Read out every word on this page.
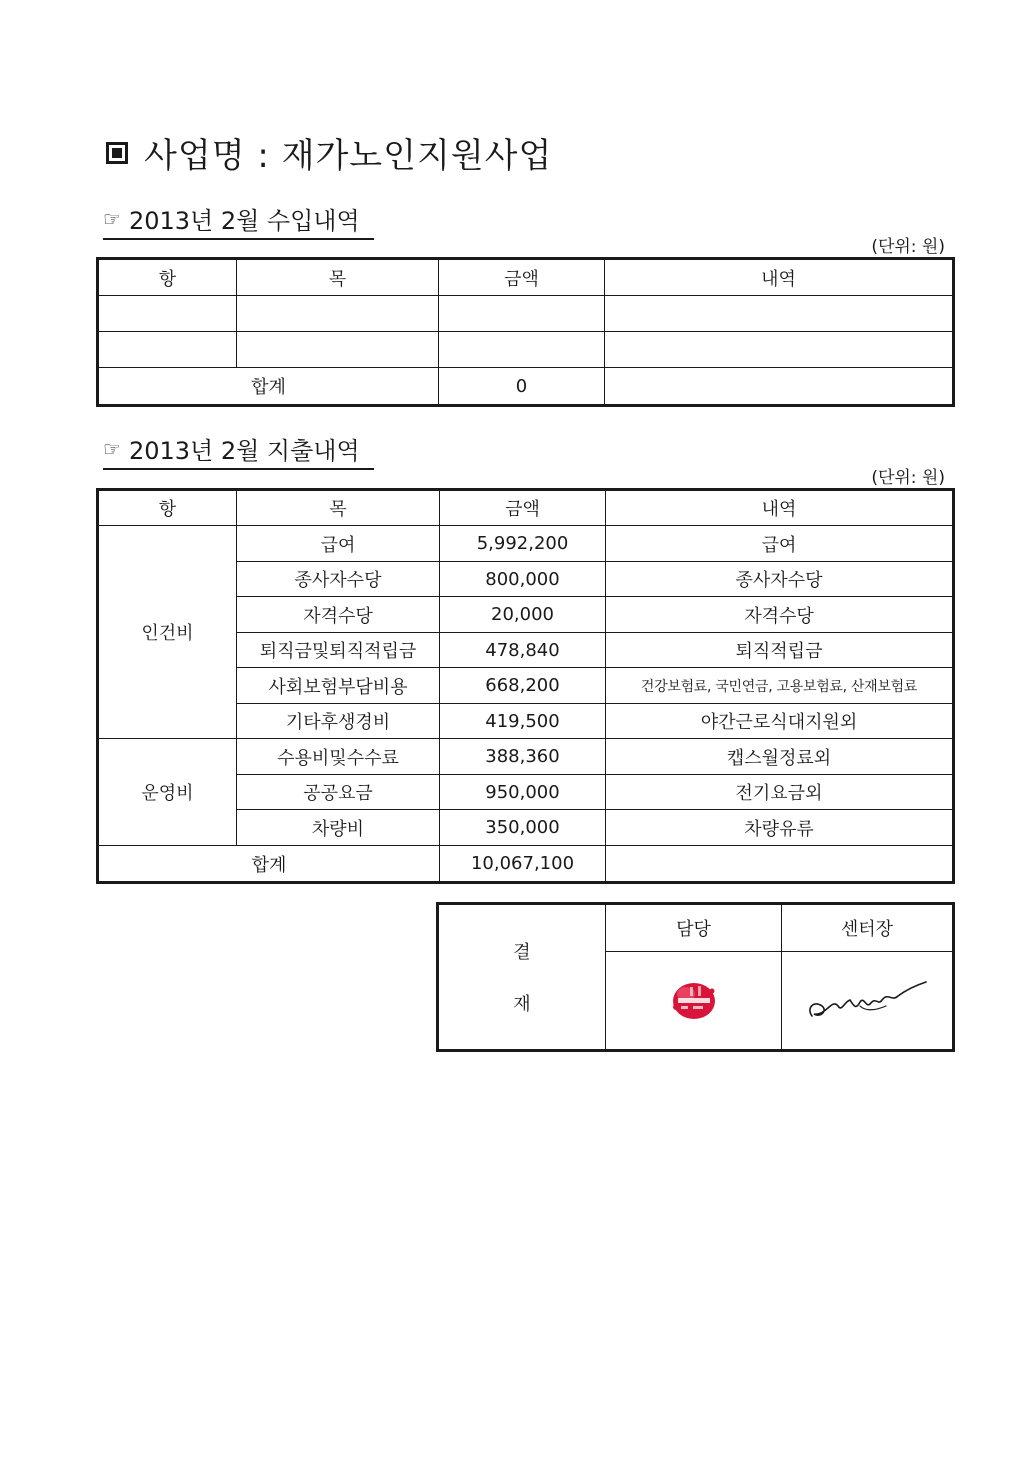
사업명 : 재가노인지원사업
☞ 2013년 2월 수입내역
(단위: 원)
항	목	금액	내역

합계		0	
☞ 2013년 2월 지출내역
(단위: 원)
항	목	금액	내역
인건비	급여	5,992,200	급여
	종사자수당	800,000	종사자수당
	자격수당	20,000	자격수당
	퇴직금및퇴직적립금	478,840	퇴직적립금
	사회보험부담비용	668,200	건강보험료, 국민연금, 고용보험료, 산재보험료
	기타후생경비	419,500	야간근로식대지원외
운영비	수용비및수수료	388,360	캡스월정료외
	공공요금	950,000	전기요금외
	차량비	350,000	차량유류
합계		10,067,100	
결
재	담당	센터장
